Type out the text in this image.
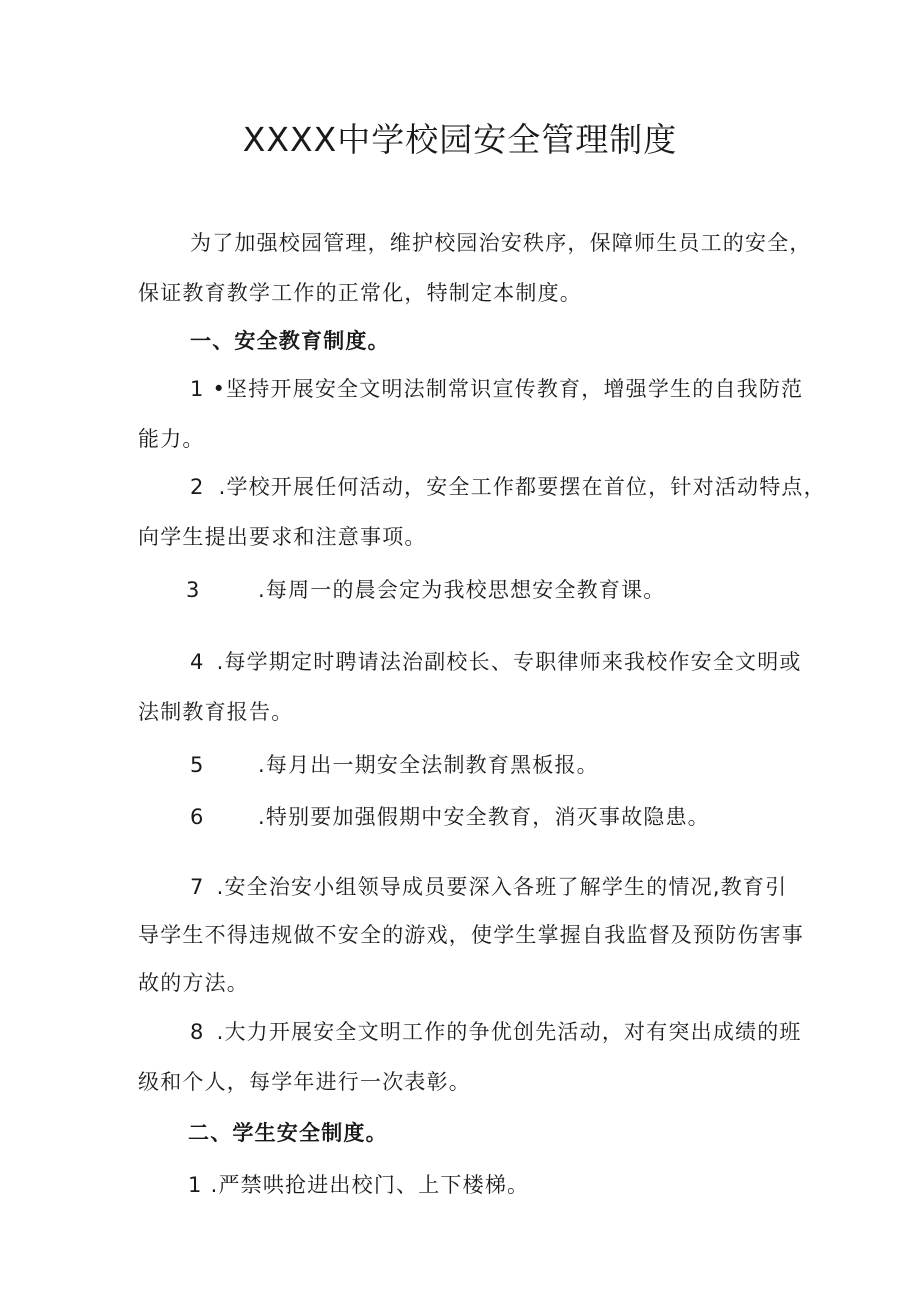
XXXX中学校园安全管理制度
为了加强校园管理，维护校园治安秩序，保障师生员工的安全，
保证教育教学工作的正常化，特制定本制度。
一、安全教育制度。
1 •坚持开展安全文明法制常识宣传教育，增强学生的自我防范
能力。
2 .学校开展任何活动，安全工作都要摆在首位，针对活动特点，
向学生提出要求和注意事项。
3	.每周一的晨会定为我校思想安全教育课。
4 .每学期定时聘请法治副校长、专职律师来我校作安全文明或
法制教育报告。
5	.每月出一期安全法制教育黑板报。
6	.特别要加强假期中安全教育，消灭事故隐患。
7 .安全治安小组领导成员要深入各班了解学生的情况,教育引
导学生不得违规做不安全的游戏，使学生掌握自我监督及预防伤害事
故的方法。
8 .大力开展安全文明工作的争优创先活动，对有突出成绩的班
级和个人，每学年进行一次表彰。
二、学生安全制度。
1 .严禁哄抢进出校门、上下楼梯。
